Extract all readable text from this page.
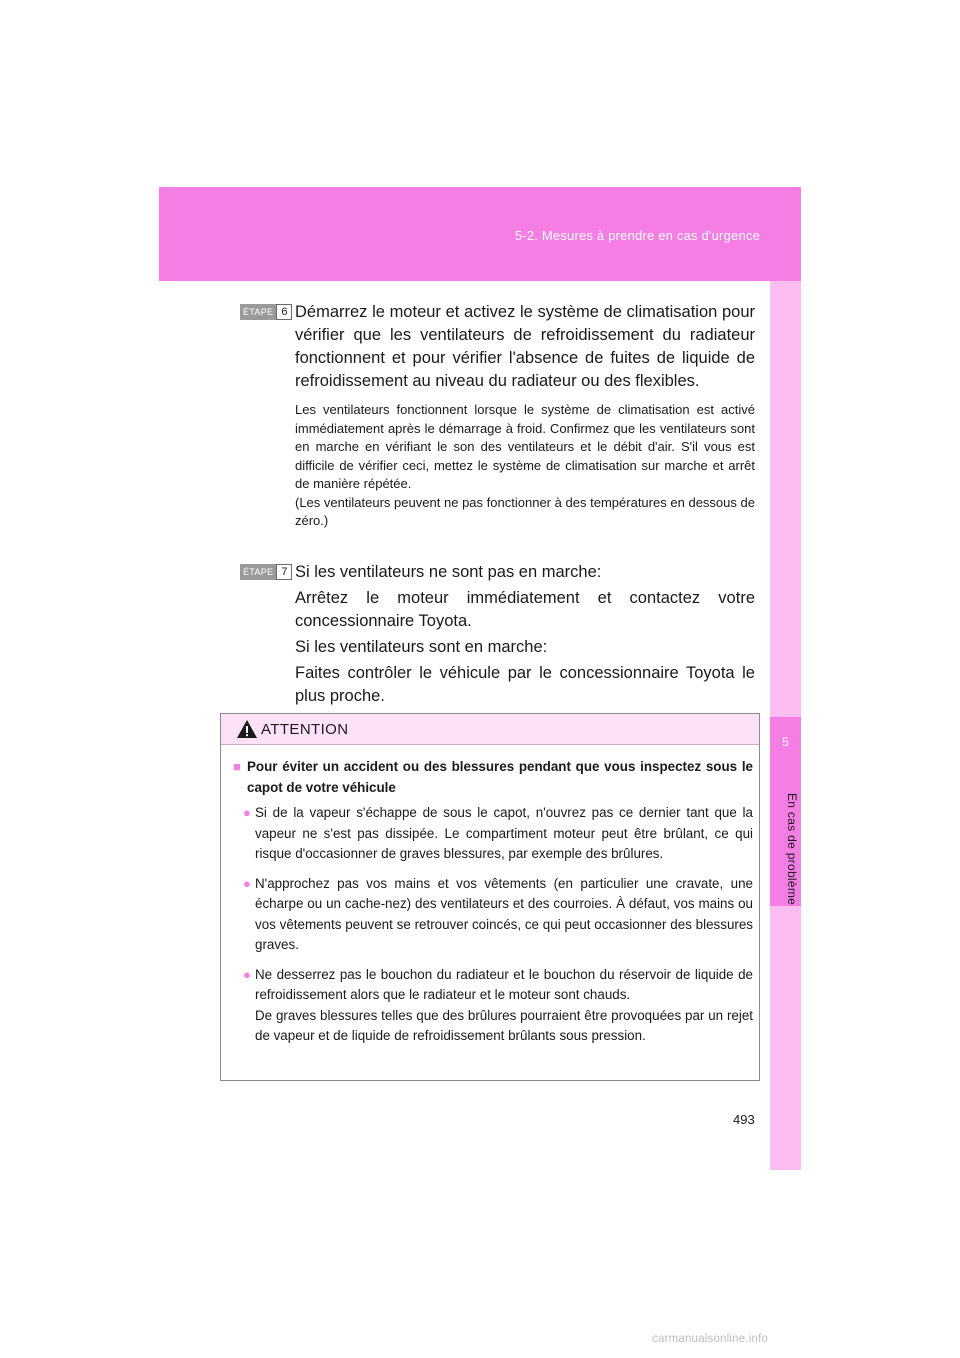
5-2. Mesures à prendre en cas d'urgence
5
En cas de problème
ÉTAPE 6 Démarrez le moteur et activez le système de climatisation pour vérifier que les ventilateurs de refroidissement du radiateur fonctionnent et pour vérifier l'absence de fuites de liquide de refroidissement au niveau du radiateur ou des flexibles.

Les ventilateurs fonctionnent lorsque le système de climatisation est activé immédiatement après le démarrage à froid. Confirmez que les ventilateurs sont en marche en vérifiant le son des ventilateurs et le débit d'air. S'il vous est difficile de vérifier ceci, mettez le système de climatisation sur marche et arrêt de manière répétée.

(Les ventilateurs peuvent ne pas fonctionner à des températures en dessous de zéro.)

ÉTAPE 7 Si les ventilateurs ne sont pas en marche:

Arrêtez le moteur immédiatement et contactez votre concessionnaire Toyota.

Si les ventilateurs sont en marche:

Faites contrôler le véhicule par le concessionnaire Toyota le plus proche.

ATTENTION
■ Pour éviter un accident ou des blessures pendant que vous inspectez sous le capot de votre véhicule
● Si de la vapeur s'échappe de sous le capot, n'ouvrez pas ce dernier tant que la vapeur ne s'est pas dissipée. Le compartiment moteur peut être brûlant, ce qui risque d'occasionner de graves blessures, par exemple des brûlures.

● N'approchez pas vos mains et vos vêtements (en particulier une cravate, une écharpe ou un cache-nez) des ventilateurs et des courroies. À défaut, vos mains ou vos vêtements peuvent se retrouver coincés, ce qui peut occasionner des blessures graves.

● Ne desserrez pas le bouchon du radiateur et le bouchon du réservoir de liquide de refroidissement alors que le radiateur et le moteur sont chauds.

De graves blessures telles que des brûlures pourraient être provoquées par un rejet de vapeur et de liquide de refroidissement brûlants sous pression.

493
carmanualsonline.info
